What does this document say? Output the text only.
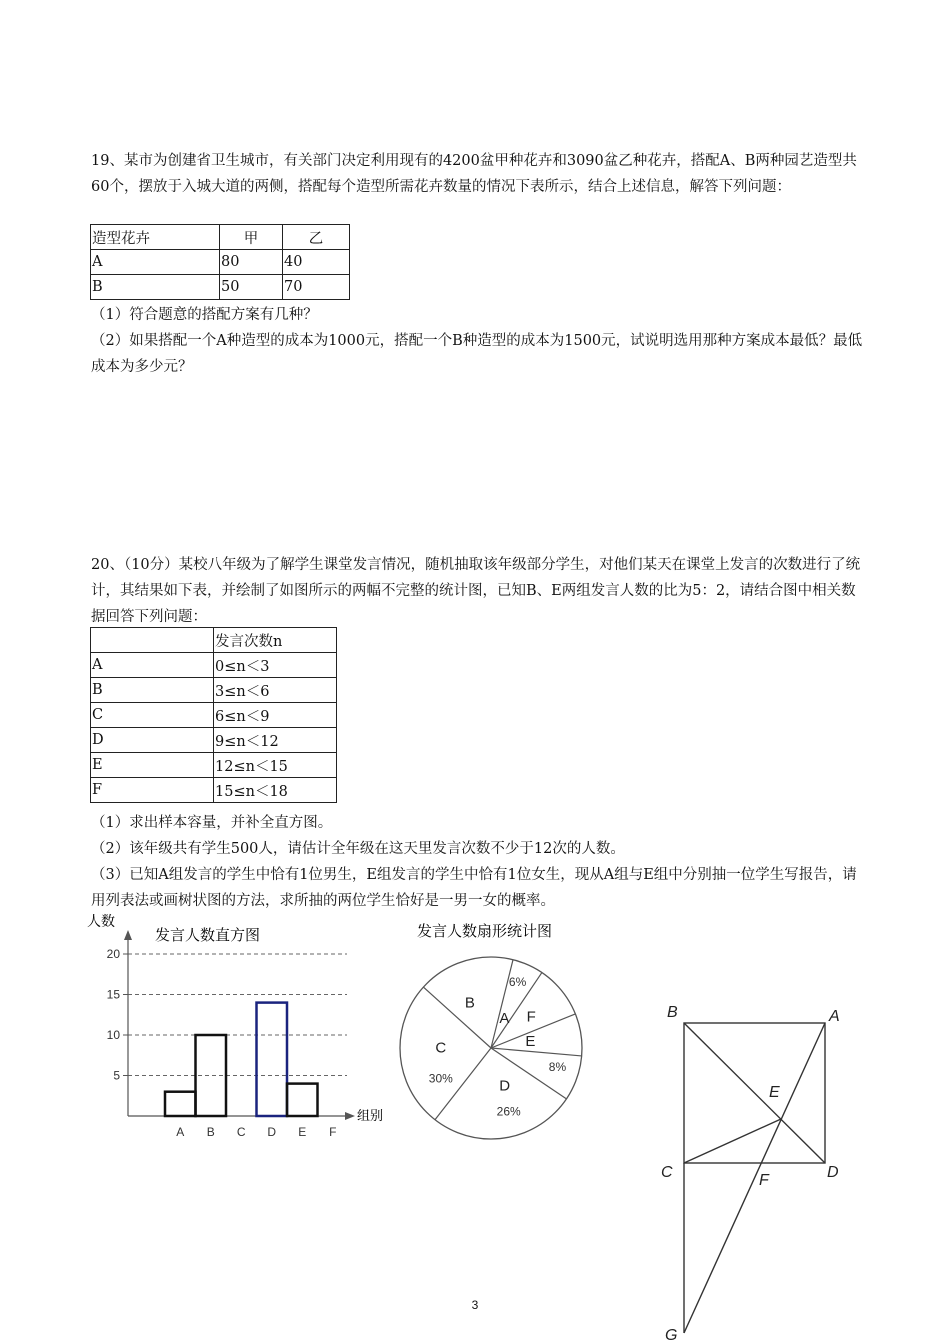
19、某市为创建省卫生城市，有关部门决定利用现有的4200盆甲种花卉和3090盆乙种花卉，搭配A、B两种园艺造型共60个，摆放于入城大道的两侧，搭配每个造型所需花卉数量的情况下表所示，结合上述信息，解答下列问题：
造型花卉	甲	乙
A	80	40
B	50	70
（1）符合题意的搭配方案有几种？
（2）如果搭配一个A种造型的成本为1000元，搭配一个B种造型的成本为1500元，试说明选用那种方案成本最低？最低成本为多少元？
20、（10分）某校八年级为了解学生课堂发言情况，随机抽取该年级部分学生，对他们某天在课堂上发言的次数进行了统计，其结果如下表，并绘制了如图所示的两幅不完整的统计图，已知B、E两组发言人数的比为5：2，请结合图中相关数据回答下列问题：
	发言次数n
A	0≤n＜3
B	3≤n＜6
C	6≤n＜9
D	9≤n＜12
E	12≤n＜15
F	15≤n＜18
（1）求出样本容量，并补全直方图。
（2）该年级共有学生500人，请估计全年级在这天里发言次数不少于12次的人数。
（3）已知A组发言的学生中恰有1位男生，E组发言的学生中恰有1位女生，现从A组与E组中分别抽一位学生写报告，请用列表法或画树状图的方法，求所抽的两位学生恰好是一男一女的概率。
人数
发言人数直方图
组别
5
10
15
20
A B C D E F
发言人数扇形统计图
A
6%
F
E
8%
D
26%
C
30%
B
B	A
E
C	F	D
G
3
